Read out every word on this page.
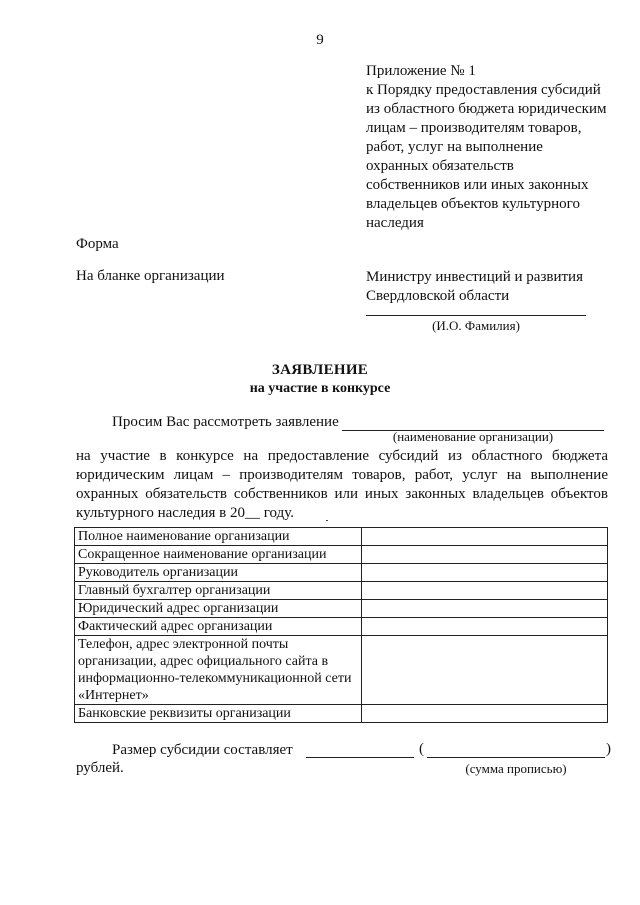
9
Приложение № 1
к Порядку предоставления субсидий
из областного бюджета юридическим
лицам – производителям товаров,
работ, услуг на выполнение
охранных обязательств
собственников или иных законных
владельцев объектов культурного
наследия
Форма
На бланке организации	Министру инвестиций и развития
Свердловской области
(И.О. Фамилия)
ЗАЯВЛЕНИЕ
на участие в конкурсе
Просим Вас рассмотреть заявление
(наименование организации)
на участие в конкурсе на предоставление субсидий из областного бюджета
юридическим лицам – производителям товаров, работ, услуг на выполнение
охранных обязательств собственников или иных законных владельцев объектов
культурного наследия в 20__ году.
Полное наименование организации	
Сокращенное наименование организации	
Руководитель организации	
Главный бухгалтер организации	
Юридический адрес организации	
Фактический адрес организации	
Телефон, адрес электронной почты организации, адрес официального сайта в информационно-телекоммуникационной сети «Интернет»	
Банковские реквизиты организации	
Размер субсидии составляет	(	)
рублей.	(сумма прописью)
